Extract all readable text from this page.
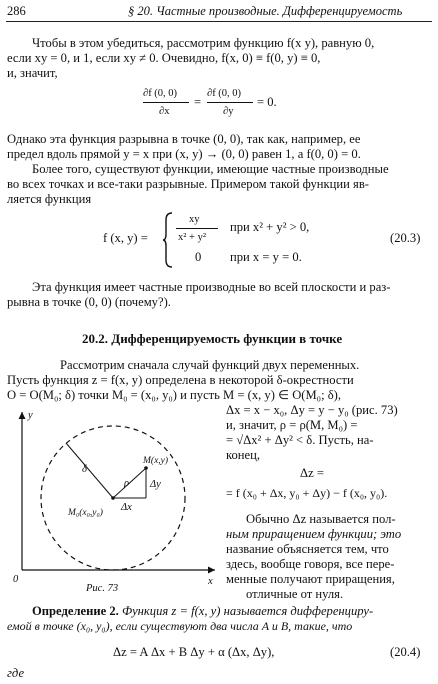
286	§ 20. Частные производные. Дифференцируемость
Чтобы в этом убедиться, рассмотрим функцию f(x y), равную 0,
если xy = 0, и 1, если xy ≠ 0. Очевидно, f(x, 0) ≡ f(0, y) ≡ 0,
и, значит,
∂f (0, 0)
∂x
=
∂f (0, 0)
∂y
= 0.
Однако эта функция разрывна в точке (0, 0), так как, например, ее
предел вдоль прямой y = x при (x, y) → (0, 0) равен 1, а f(0, 0) = 0.
Более того, существуют функции, имеющие частные производные
во всех точках и все-таки разрывные. Примером такой функции яв-
ляется функция
f (x, y) =
xy
x² + y²
при x² + y² > 0,
0 при x = y = 0.
(20.3)
Эта функция имеет частные производные во всей плоскости и раз-
рывна в точке (0, 0) (почему?).
20.2. Дифференцируемость функции в точке
Рассмотрим сначала случай функций двух переменных.
Пусть функция z = f(x, y) определена в некоторой δ-окрестности
O = O(M₀; δ) точки M₀ = (x₀, y₀) и пусть M = (x, y) ∈ O(M₀; δ),
Δx = x − x₀, Δy = y − y₀ (рис. 73)
и, значит, ρ = ρ(M, M₀) =
= √Δx² + Δy² < δ. Пусть, на-
конец,
Δz =
= f (x₀ + Δx, y₀ + Δy) − f (x₀, y₀).
Обычно Δz называется пол-
ным приращением функции; это
название объясняется тем, что
здесь, вообще говоря, все пере-
менные получают приращения,
отличные от нуля.
y
x
0
M(x,y)
M₀(x₀,y₀)
δ
ρ
Δx
Δy
Рис. 73
Определение 2. Функция z = f(x, y) называется дифференциру-
емой в точке (x₀, y₀), если существуют два числа A и B, такие, что
Δz = A Δx + B Δy + α (Δx, Δy),	(20.4)
где
